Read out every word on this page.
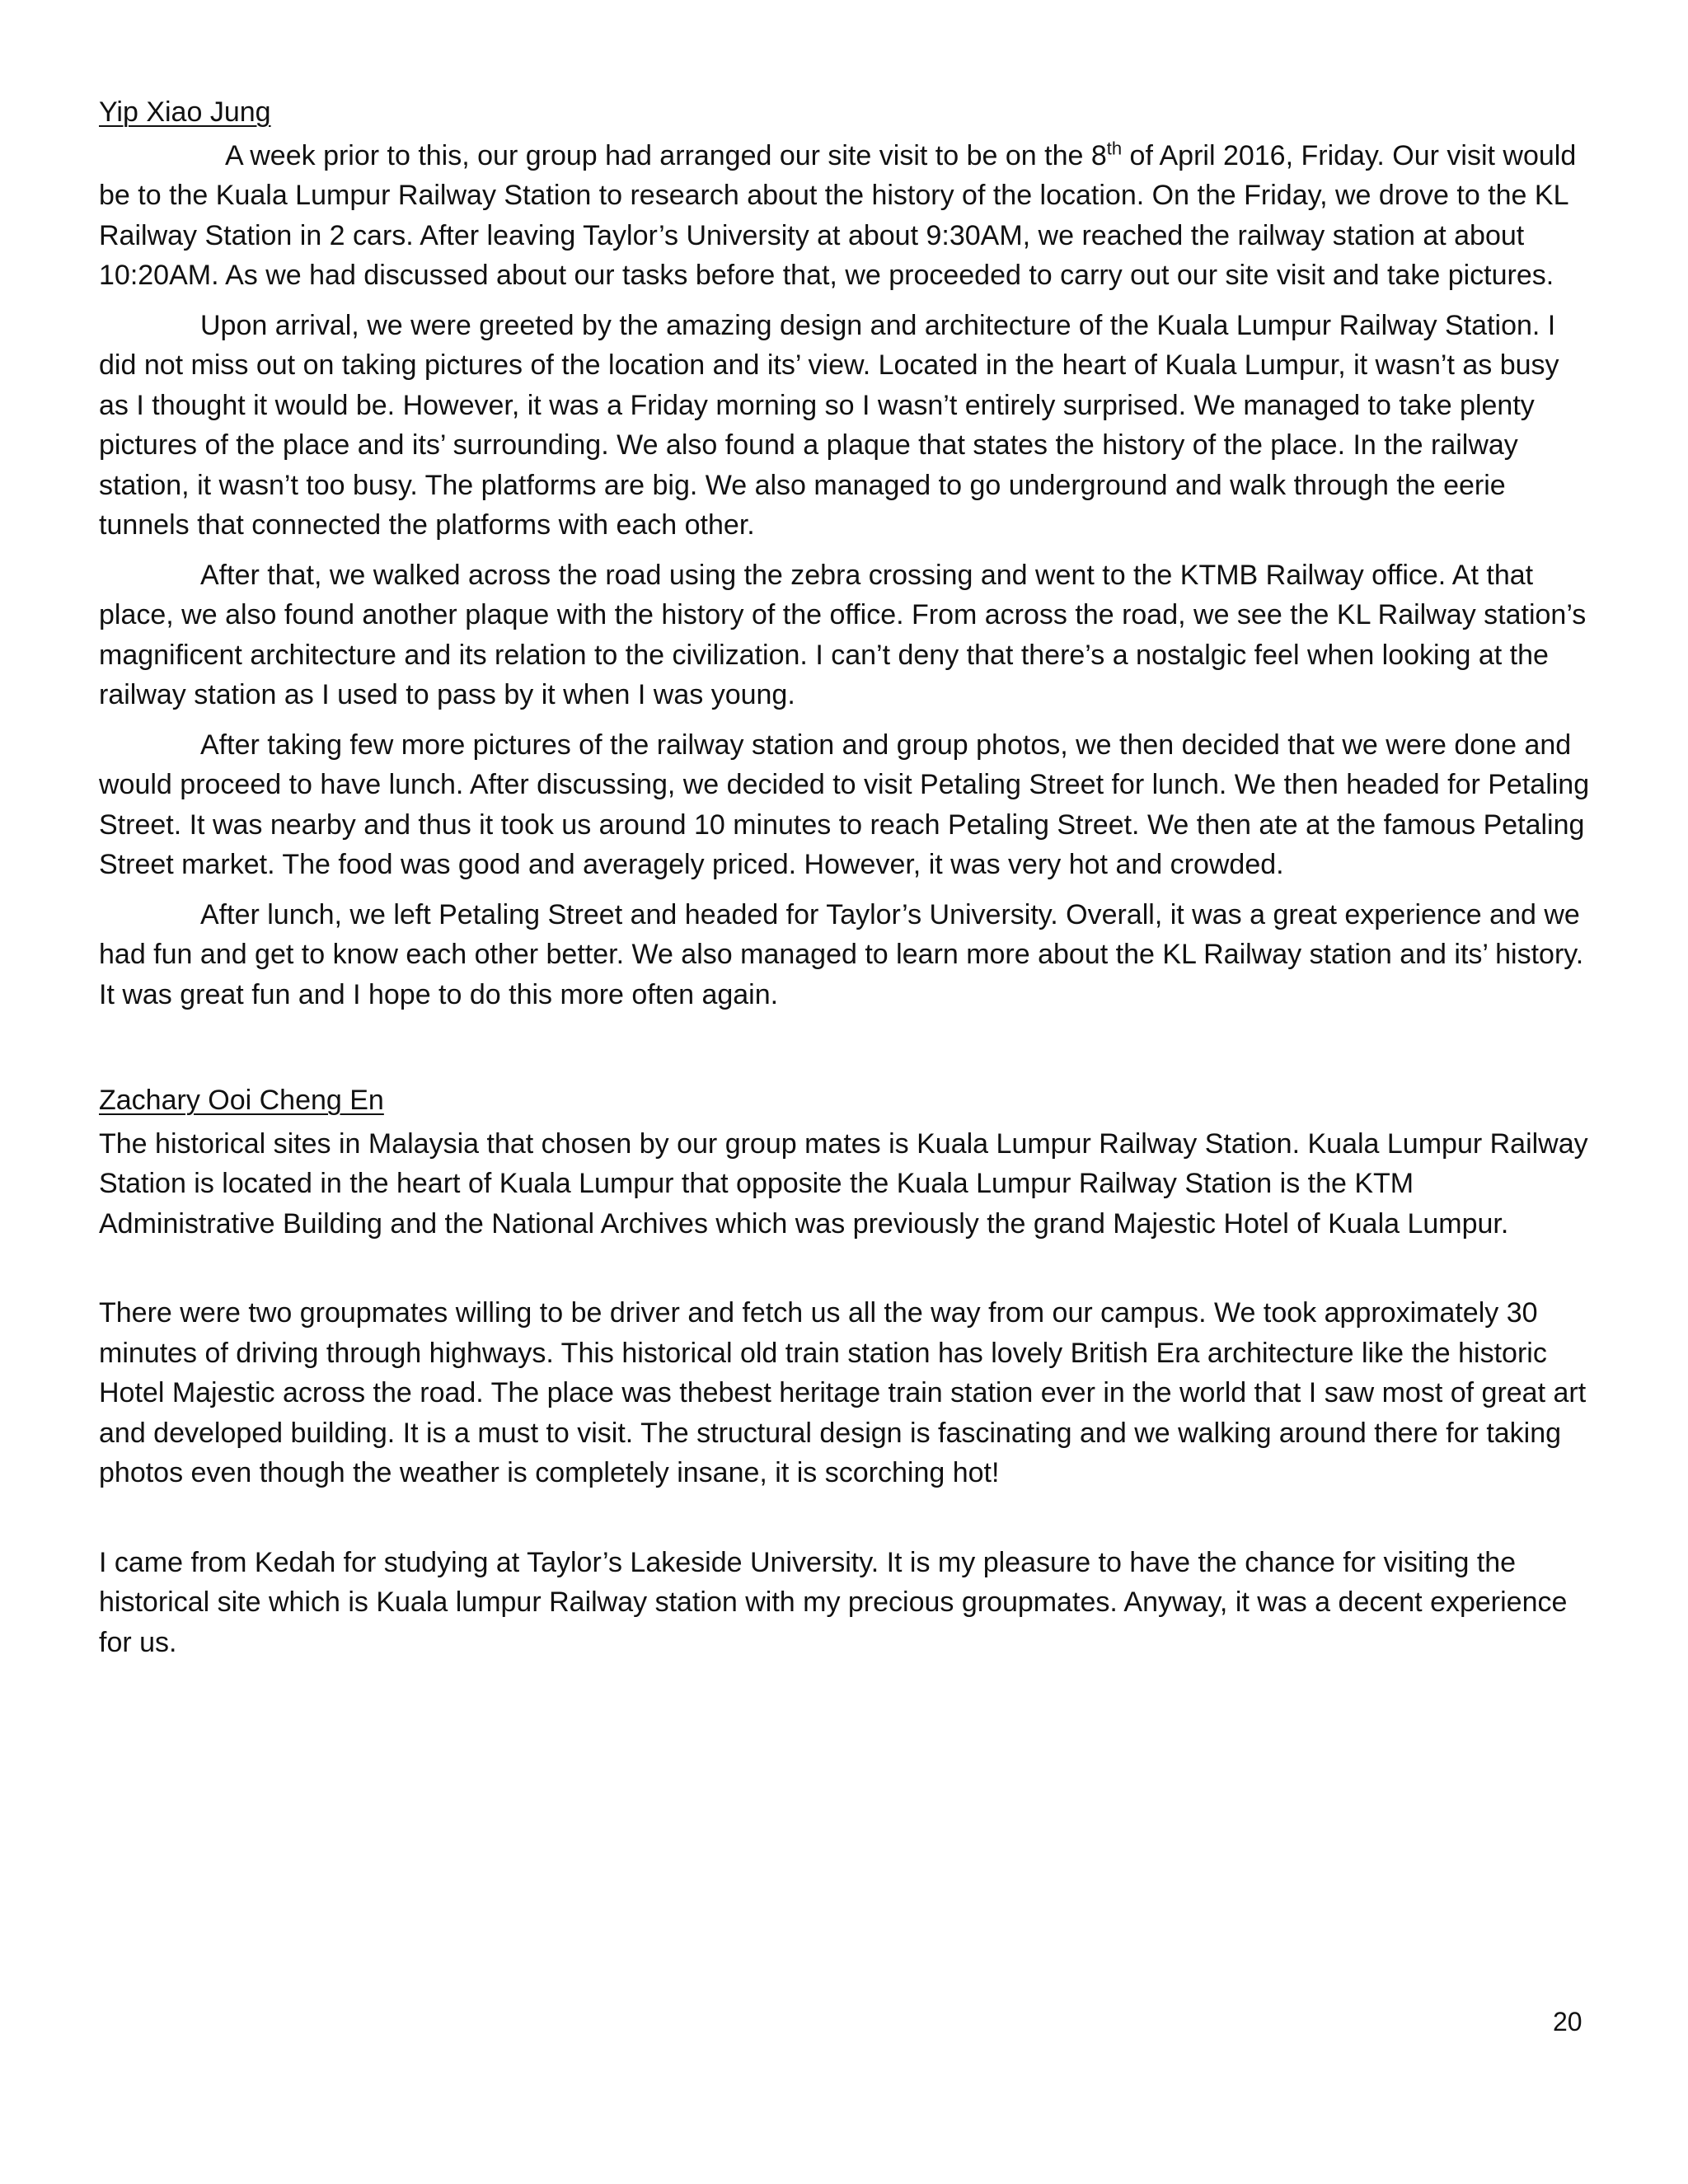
Yip Xiao Jung

A week prior to this, our group had arranged our site visit to be on the 8th of April 2016, Friday. Our visit would be to the Kuala Lumpur Railway Station to research about the history of the location. On the Friday, we drove to the KL Railway Station in 2 cars. After leaving Taylor’s University at about 9:30AM, we reached the railway station at about 10:20AM. As we had discussed about our tasks before that, we proceeded to carry out our site visit and take pictures.

Upon arrival, we were greeted by the amazing design and architecture of the Kuala Lumpur Railway Station. I did not miss out on taking pictures of the location and its’ view. Located in the heart of Kuala Lumpur, it wasn’t as busy as I thought it would be. However, it was a Friday morning so I wasn’t entirely surprised. We managed to take plenty pictures of the place and its’ surrounding. We also found a plaque that states the history of the place. In the railway station, it wasn’t too busy. The platforms are big. We also managed to go underground and walk through the eerie tunnels that connected the platforms with each other.

After that, we walked across the road using the zebra crossing and went to the KTMB Railway office. At that place, we also found another plaque with the history of the office. From across the road, we see the KL Railway station’s magnificent architecture and its relation to the civilization. I can’t deny that there’s a nostalgic feel when looking at the railway station as I used to pass by it when I was young.

After taking few more pictures of the railway station and group photos, we then decided that we were done and would proceed to have lunch. After discussing, we decided to visit Petaling Street for lunch. We then headed for Petaling Street. It was nearby and thus it took us around 10 minutes to reach Petaling Street. We then ate at the famous Petaling Street market. The food was good and averagely priced. However, it was very hot and crowded.

After lunch, we left Petaling Street and headed for Taylor’s University. Overall, it was a great experience and we had fun and get to know each other better. We also managed to learn more about the KL Railway station and its’ history. It was great fun and I hope to do this more often again.

Zachary Ooi Cheng En

The historical sites in Malaysia that chosen by our group mates is Kuala Lumpur Railway Station. Kuala Lumpur Railway Station is located in the heart of Kuala Lumpur that opposite the Kuala Lumpur Railway Station is the KTM Administrative Building and the National Archives which was previously the grand Majestic Hotel of Kuala Lumpur.

There were two groupmates willing to be driver and fetch us all the way from our campus. We took approximately 30 minutes of driving through highways. This historical old train station has lovely British Era architecture like the historic Hotel Majestic across the road. The place was thebest heritage train station ever in the world that I saw most of great art and developed building. It is a must to visit. The structural design is fascinating and we walking around there for taking photos even though the weather is completely insane, it is scorching hot!

I came from Kedah for studying at Taylor’s Lakeside University. It is my pleasure to have the chance for visiting the historical site which is Kuala lumpur Railway station with my precious groupmates. Anyway, it was a decent experience for us.

20
